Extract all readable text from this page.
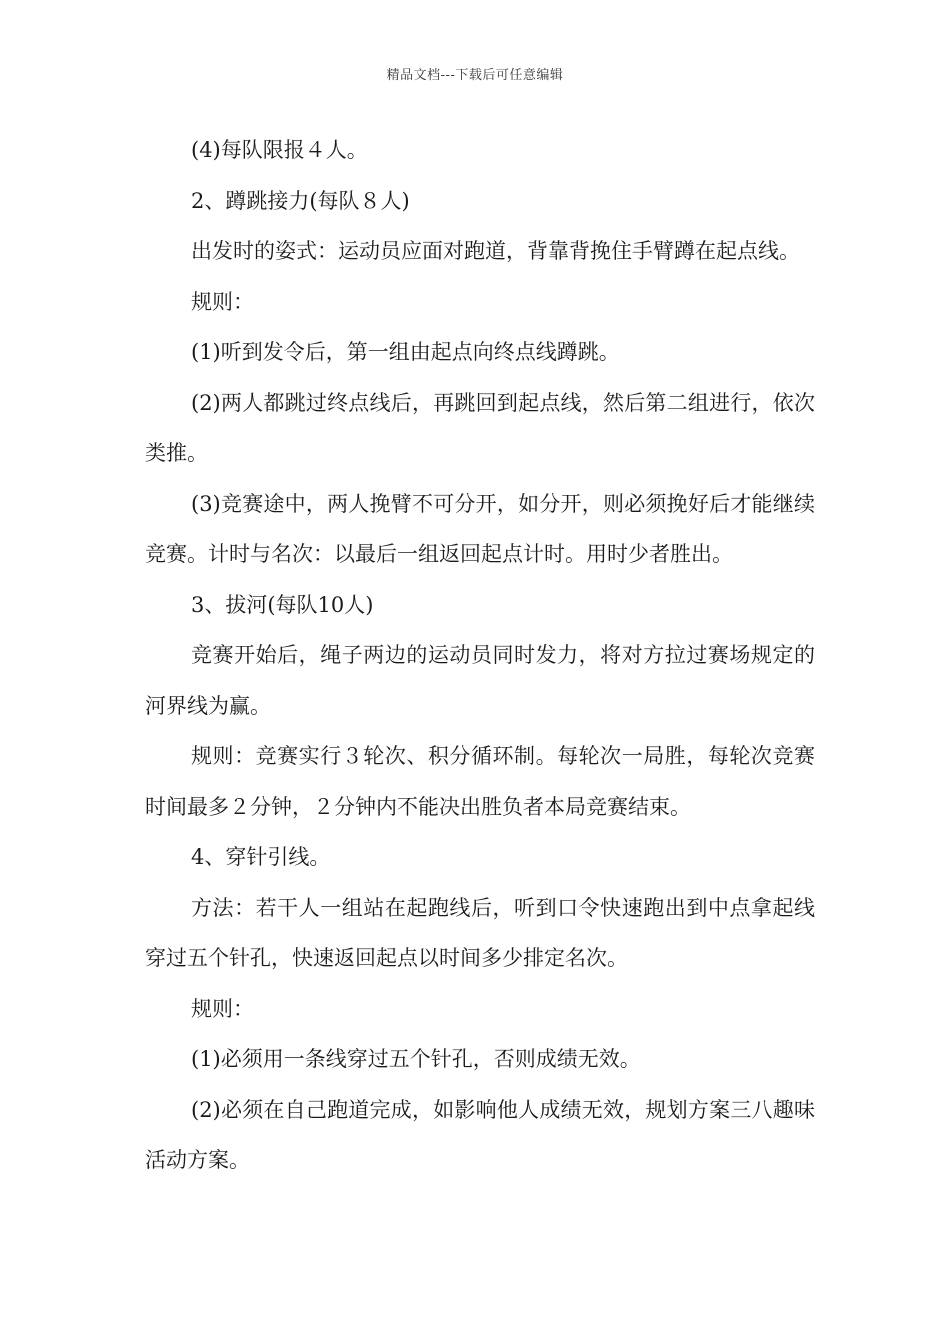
精品文档---下载后可任意编辑

(4)每队限报４人。

2、蹲跳接力(每队８人)

出发时的姿式：运动员应面对跑道，背靠背挽住手臂蹲在起点线。

规则：

(1)听到发令后，第一组由起点向终点线蹲跳。

(2)两人都跳过终点线后，再跳回到起点线，然后第二组进行，依次类推。

(3)竞赛途中，两人挽臂不可分开，如分开，则必须挽好后才能继续竞赛。计时与名次：以最后一组返回起点计时。用时少者胜出。

3、拔河(每队10人)

竞赛开始后，绳子两边的运动员同时发力，将对方拉过赛场规定的河界线为赢。

规则：竞赛实行３轮次、积分循环制。每轮次一局胜，每轮次竞赛时间最多２分钟，２分钟内不能决出胜负者本局竞赛结束。

4、穿针引线。

方法：若干人一组站在起跑线后，听到口令快速跑出到中点拿起线穿过五个针孔，快速返回起点以时间多少排定名次。

规则：

(1)必须用一条线穿过五个针孔，否则成绩无效。

(2)必须在自己跑道完成，如影响他人成绩无效，规划方案三八趣味活动方案。
